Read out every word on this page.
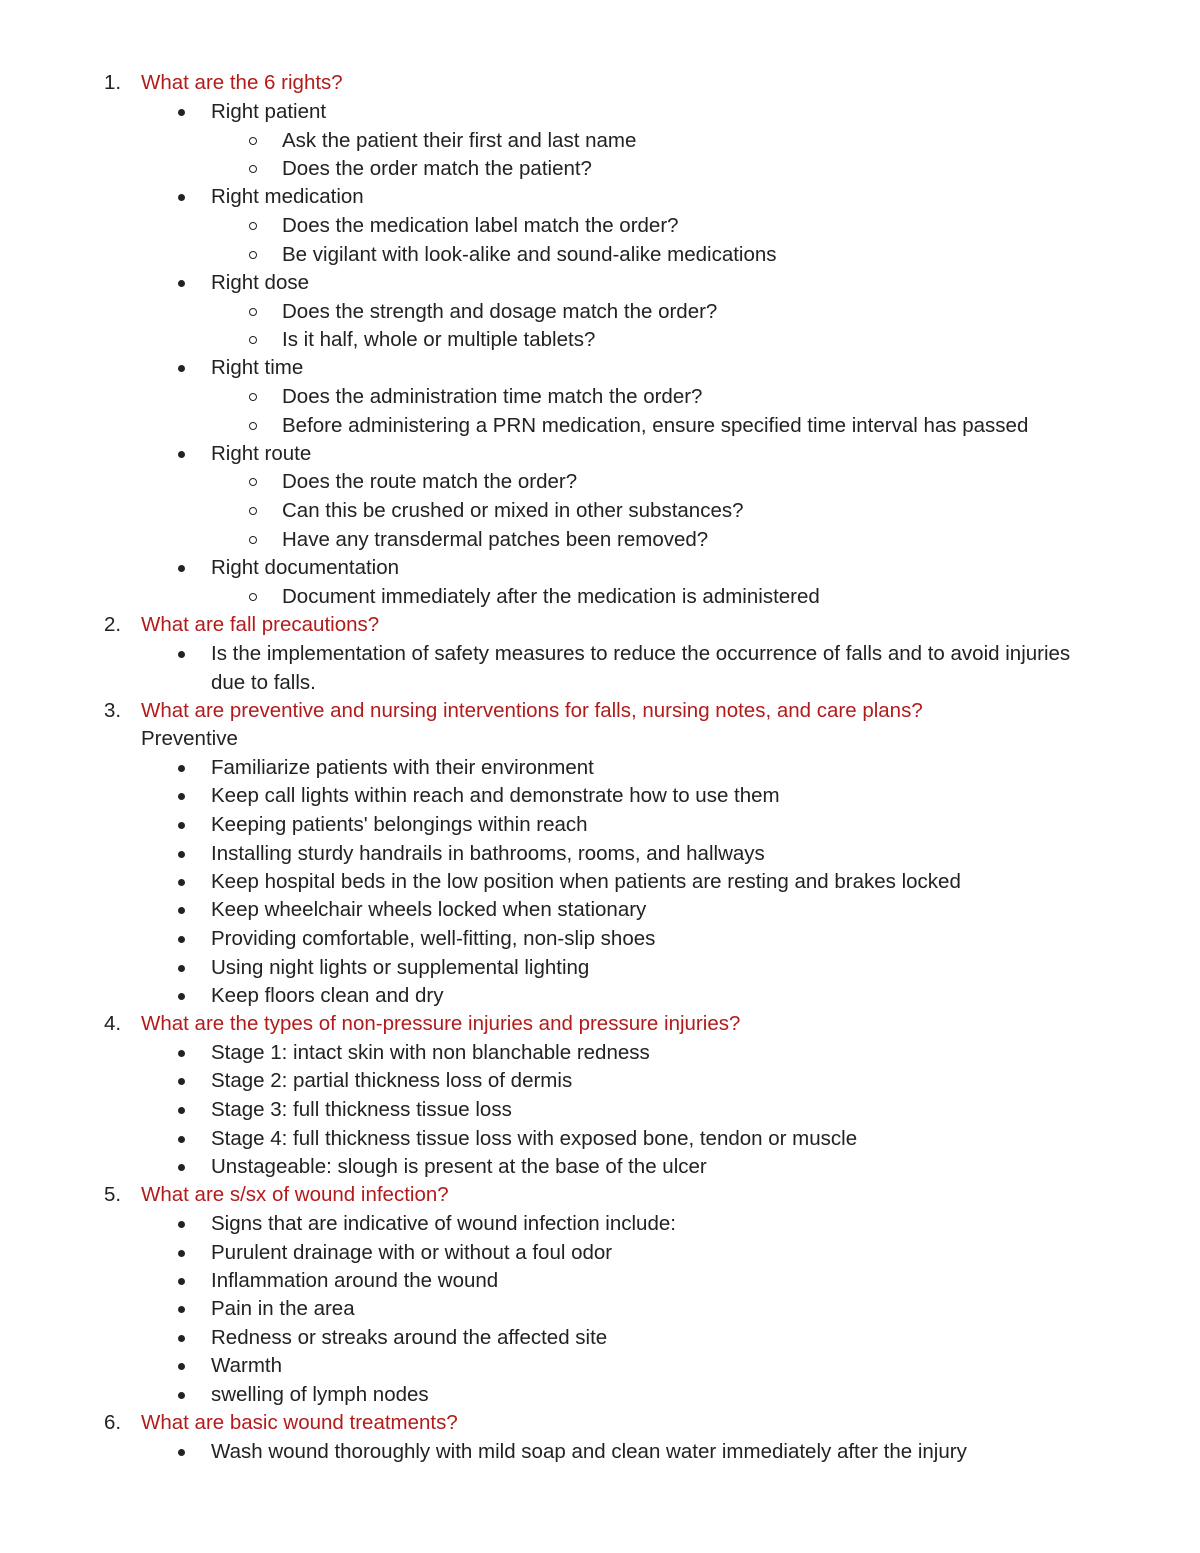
1. What are the 6 rights?
Right patient
Ask the patient their first and last name
Does the order match the patient?
Right medication
Does the medication label match the order?
Be vigilant with look-alike and sound-alike medications
Right dose
Does the strength and dosage match the order?
Is it half, whole or multiple tablets?
Right time
Does the administration time match the order?
Before administering a PRN medication, ensure specified time interval has passed
Right route
Does the route match the order?
Can this be crushed or mixed in other substances?
Have any transdermal patches been removed?
Right documentation
Document immediately after the medication is administered
2. What are fall precautions?
Is the implementation of safety measures to reduce the occurrence of falls and to avoid injuries
due to falls.
3. What are preventive and nursing interventions for falls, nursing notes, and care plans?
Preventive
Familiarize patients with their environment
Keep call lights within reach and demonstrate how to use them
Keeping patients' belongings within reach
Installing sturdy handrails in bathrooms, rooms, and hallways
Keep hospital beds in the low position when patients are resting and brakes locked
Keep wheelchair wheels locked when stationary
Providing comfortable, well-fitting, non-slip shoes
Using night lights or supplemental lighting
Keep floors clean and dry
4. What are the types of non-pressure injuries and pressure injuries?
Stage 1: intact skin with non blanchable redness
Stage 2: partial thickness loss of dermis
Stage 3: full thickness tissue loss
Stage 4: full thickness tissue loss with exposed bone, tendon or muscle
Unstageable: slough is present at the base of the ulcer
5. What are s/sx of wound infection?
Signs that are indicative of wound infection include:
Purulent drainage with or without a foul odor
Inflammation around the wound
Pain in the area
Redness or streaks around the affected site
Warmth
swelling of lymph nodes
6. What are basic wound treatments?
Wash wound thoroughly with mild soap and clean water immediately after the injury
